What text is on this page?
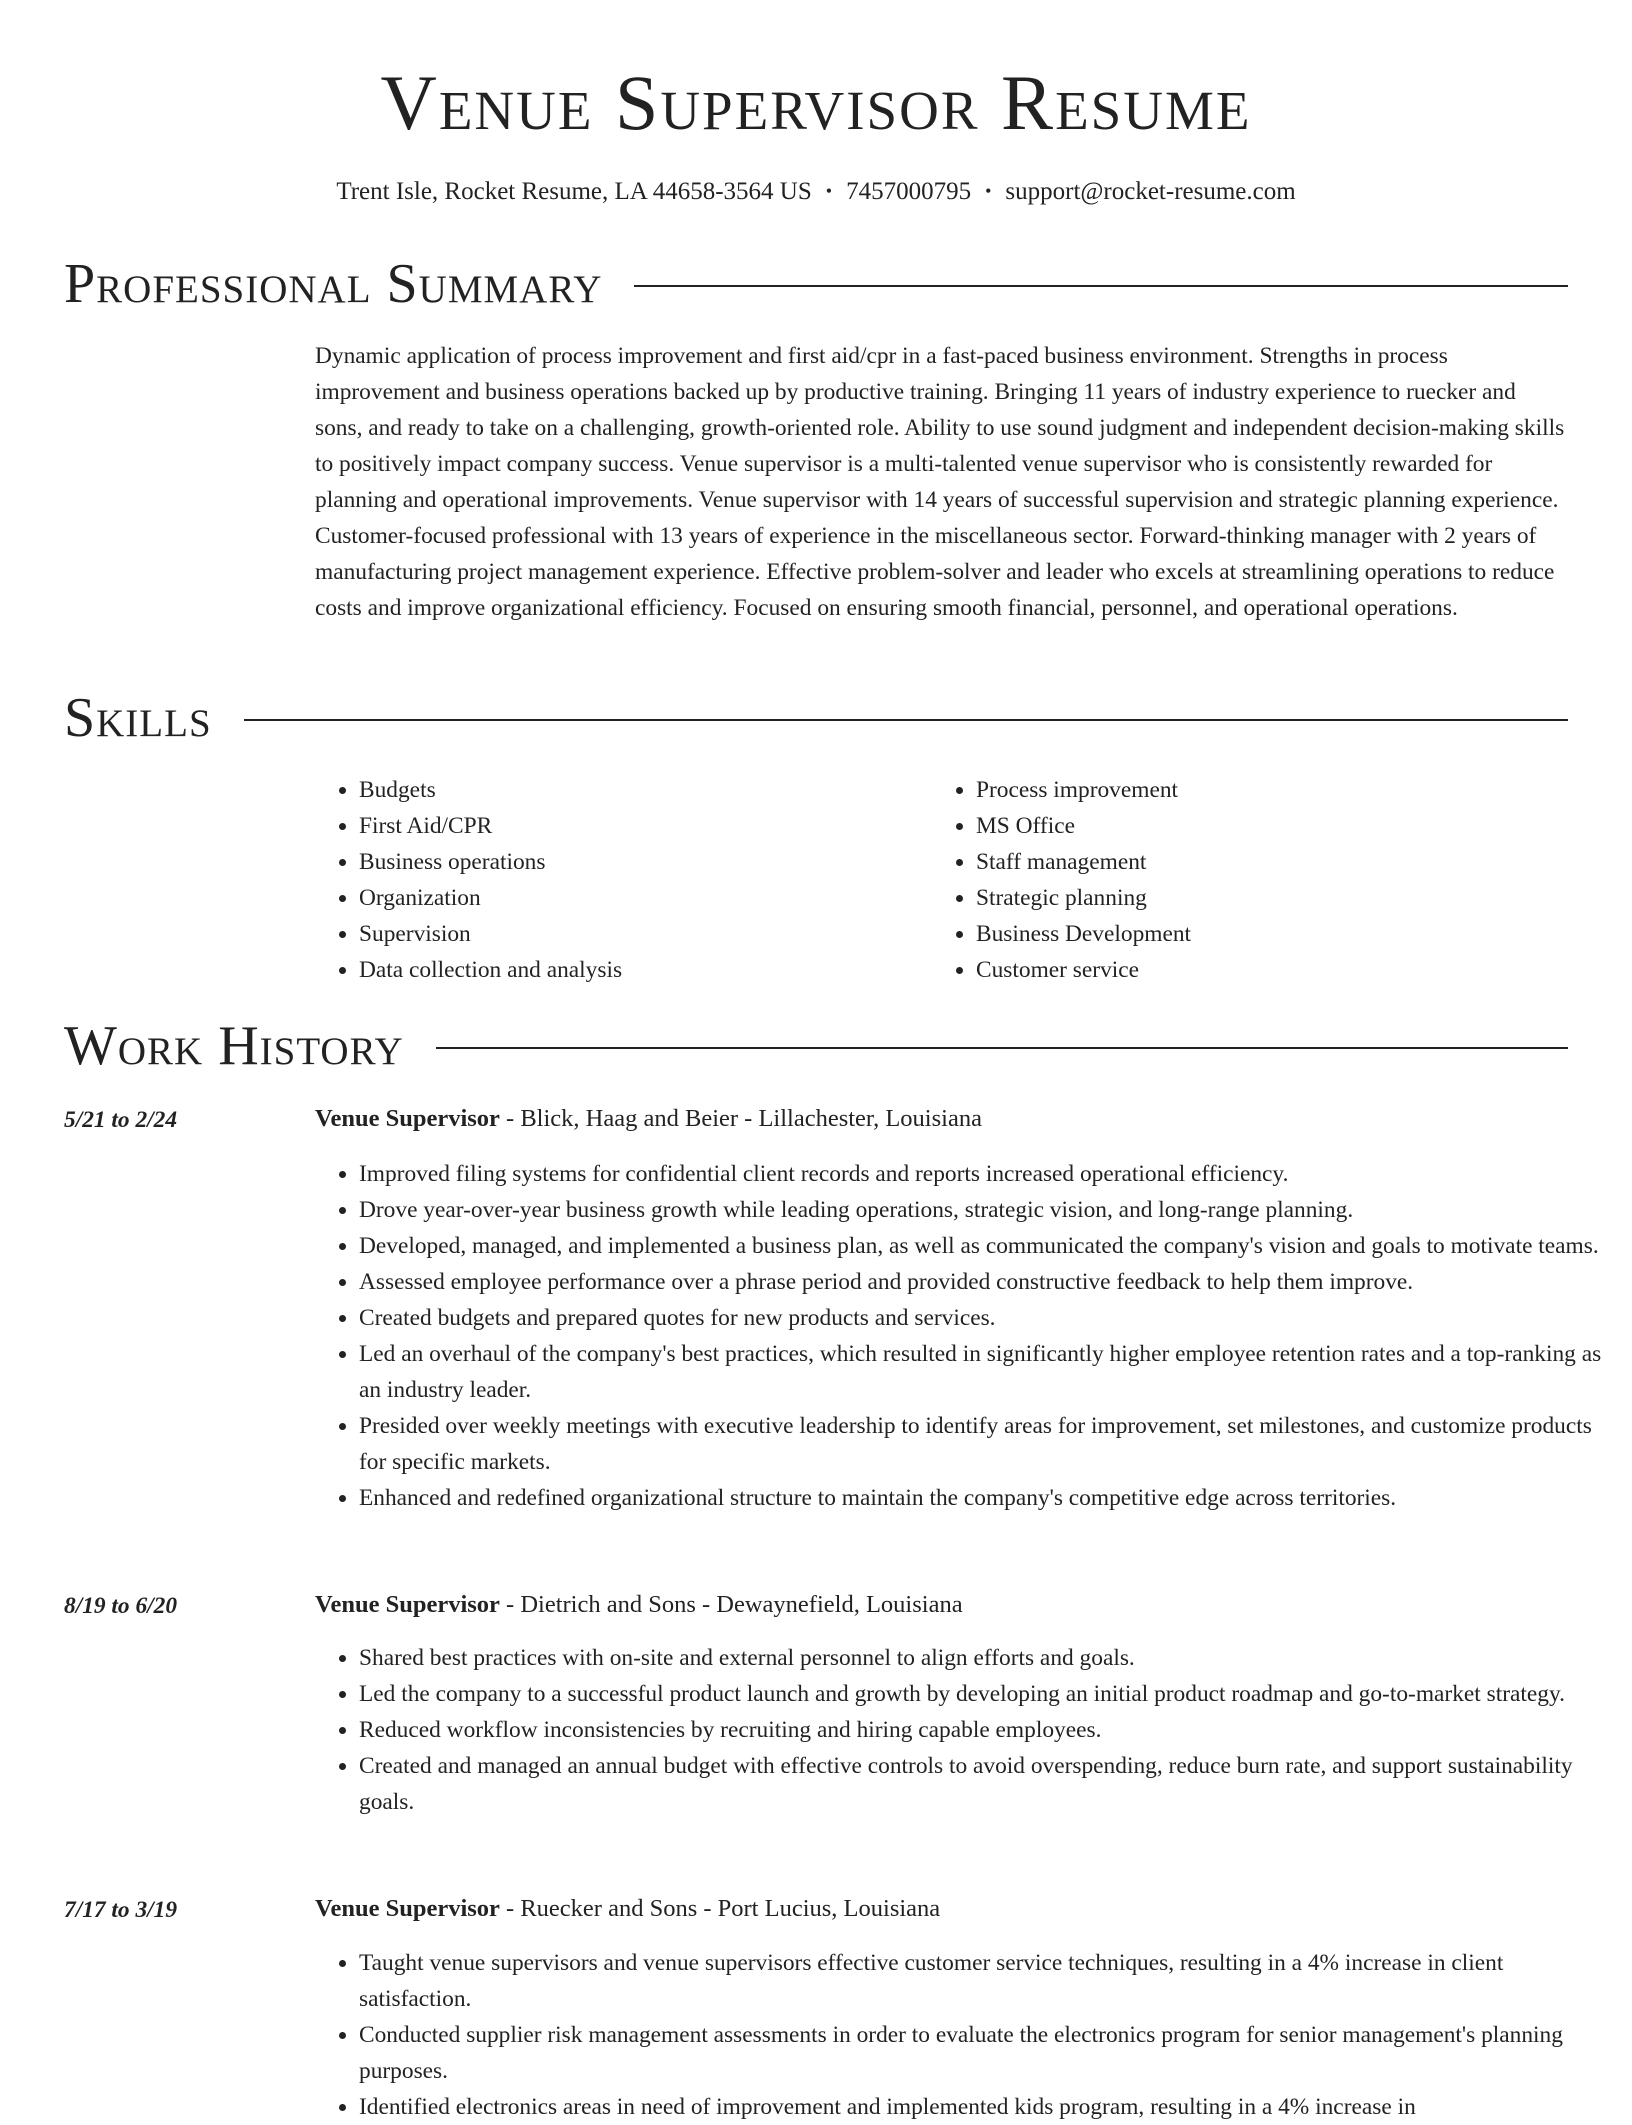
Venue Supervisor Resume
Trent Isle, Rocket Resume, LA 44658-3564 US • 7457000795 • support@rocket-resume.com
Professional Summary
Dynamic application of process improvement and first aid/cpr in a fast-paced business environment. Strengths in process improvement and business operations backed up by productive training. Bringing 11 years of industry experience to ruecker and sons, and ready to take on a challenging, growth-oriented role. Ability to use sound judgment and independent decision-making skills to positively impact company success. Venue supervisor is a multi-talented venue supervisor who is consistently rewarded for planning and operational improvements. Venue supervisor with 14 years of successful supervision and strategic planning experience. Customer-focused professional with 13 years of experience in the miscellaneous sector. Forward-thinking manager with 2 years of manufacturing project management experience. Effective problem-solver and leader who excels at streamlining operations to reduce costs and improve organizational efficiency. Focused on ensuring smooth financial, personnel, and operational operations.
Skills
• Budgets
• First Aid/CPR
• Business operations
• Organization
• Supervision
• Data collection and analysis
• Process improvement
• MS Office
• Staff management
• Strategic planning
• Business Development
• Customer service
Work History
5/21 to 2/24	Venue Supervisor - Blick, Haag and Beier - Lillachester, Louisiana
• Improved filing systems for confidential client records and reports increased operational efficiency.
• Drove year-over-year business growth while leading operations, strategic vision, and long-range planning.
• Developed, managed, and implemented a business plan, as well as communicated the company's vision and goals to motivate teams.
• Assessed employee performance over a phrase period and provided constructive feedback to help them improve.
• Created budgets and prepared quotes for new products and services.
• Led an overhaul of the company's best practices, which resulted in significantly higher employee retention rates and a top-ranking as an industry leader.
• Presided over weekly meetings with executive leadership to identify areas for improvement, set milestones, and customize products for specific markets.
• Enhanced and redefined organizational structure to maintain the company's competitive edge across territories.
8/19 to 6/20	Venue Supervisor - Dietrich and Sons - Dewaynefield, Louisiana
• Shared best practices with on-site and external personnel to align efforts and goals.
• Led the company to a successful product launch and growth by developing an initial product roadmap and go-to-market strategy.
• Reduced workflow inconsistencies by recruiting and hiring capable employees.
• Created and managed an annual budget with effective controls to avoid overspending, reduce burn rate, and support sustainability goals.
7/17 to 3/19	Venue Supervisor - Ruecker and Sons - Port Lucius, Louisiana
• Taught venue supervisors and venue supervisors effective customer service techniques, resulting in a 4% increase in client satisfaction.
• Conducted supplier risk management assessments in order to evaluate the electronics program for senior management's planning purposes.
• Identified electronics areas in need of improvement and implemented kids program, resulting in a 4% increase in
